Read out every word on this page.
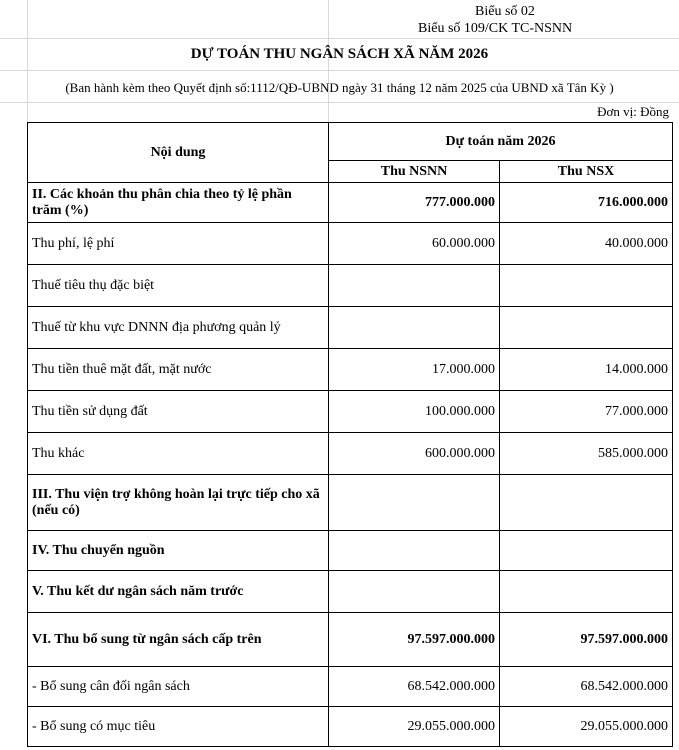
Biểu số 02
Biểu số 109/CK TC-NSNN
DỰ TOÁN THU NGÂN SÁCH XÃ NĂM 2026
(Ban hành kèm theo Quyết định số:1112/QĐ-UBND ngày 31 tháng 12 năm 2025 của UBND xã Tân Kỳ )
Đơn vị: Đồng
Nội dung	Dự toán năm 2026	
	Thu NSNN	Thu NSX
II. Các khoản thu phân chia theo tỷ lệ phần trăm (%)	777.000.000	716.000.000
Thu phí, lệ phí	60.000.000	40.000.000
Thuế tiêu thụ đặc biệt		
Thuế từ khu vực DNNN địa phương quản lý		
Thu tiền thuê mặt đất, mặt nước	17.000.000	14.000.000
Thu tiền sử dụng đất	100.000.000	77.000.000
Thu khác	600.000.000	585.000.000
III. Thu viện trợ không hoàn lại trực tiếp cho xã (nếu có)		
IV. Thu chuyển nguồn		
V. Thu kết dư ngân sách năm trước		
VI. Thu bổ sung từ ngân sách cấp trên	97.597.000.000	97.597.000.000
- Bổ sung cân đối ngân sách	68.542.000.000	68.542.000.000
- Bổ sung có mục tiêu	29.055.000.000	29.055.000.000
